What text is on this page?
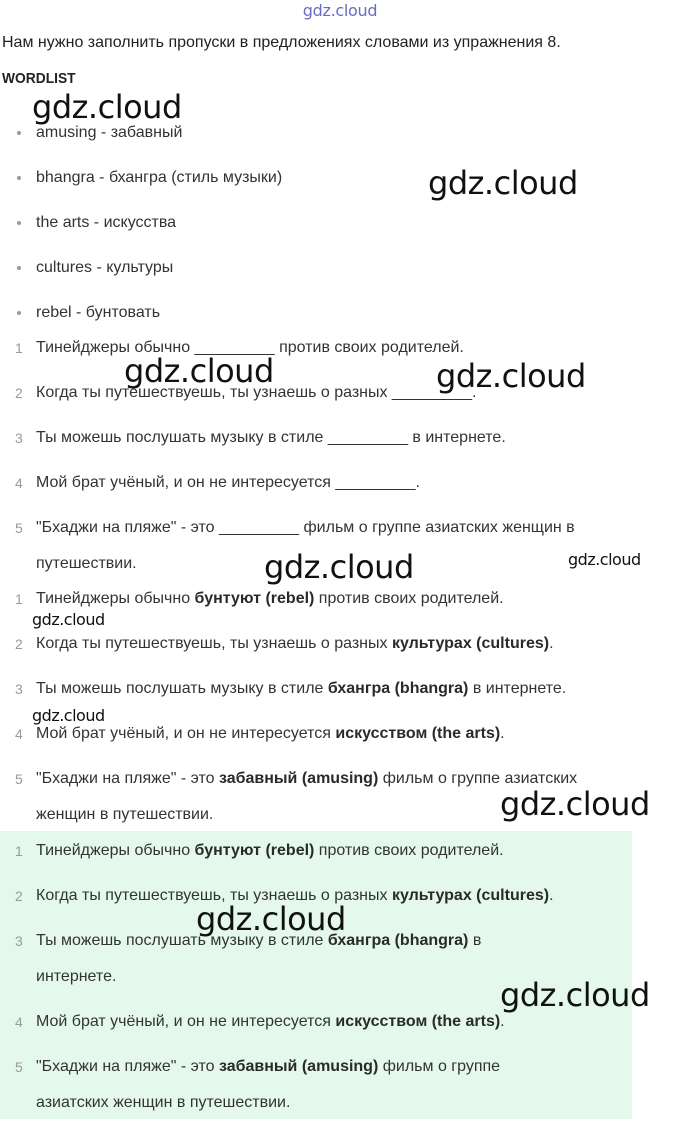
gdz.cloud
Нам нужно заполнить пропуски в предложениях словами из упражнения 8.
WORDLIST
amusing - забавный
bhangra - бхангра (стиль музыки)
the arts - искусства
cultures - культуры
rebel - бунтовать
1 Тинейджеры обычно _________ против своих родителей.
2 Когда ты путешествуешь, ты узнаешь о разных _________.
3 Ты можешь послушать музыку в стиле _________ в интернете.
4 Мой брат учёный, и он не интересуется _________.
5 "Бхаджи на пляже" - это _________ фильм о группе азиатских женщин в путешествии.
1 Тинейджеры обычно бунтуют (rebel) против своих родителей.
2 Когда ты путешествуешь, ты узнаешь о разных культурах (cultures).
3 Ты можешь послушать музыку в стиле бхангра (bhangra) в интернете.
4 Мой брат учёный, и он не интересуется искусством (the arts).
5 "Бхаджи на пляже" - это забавный (amusing) фильм о группе азиатских женщин в путешествии.
1 Тинейджеры обычно бунтуют (rebel) против своих родителей.
2 Когда ты путешествуешь, ты узнаешь о разных культурах (cultures).
3 Ты можешь послушать музыку в стиле бхангра (bhangra) в интернете.
4 Мой брат учёный, и он не интересуется искусством (the arts).
5 "Бхаджи на пляже" - это забавный (amusing) фильм о группе азиатских женщин в путешествии.
gdz.cloud
gdz.cloud
gdz.cloud	gdz.cloud
gdz.cloud	gdz.cloud
gdz.cloud
gdz.cloud
gdz.cloud
gdz.cloud
gdz.cloud
